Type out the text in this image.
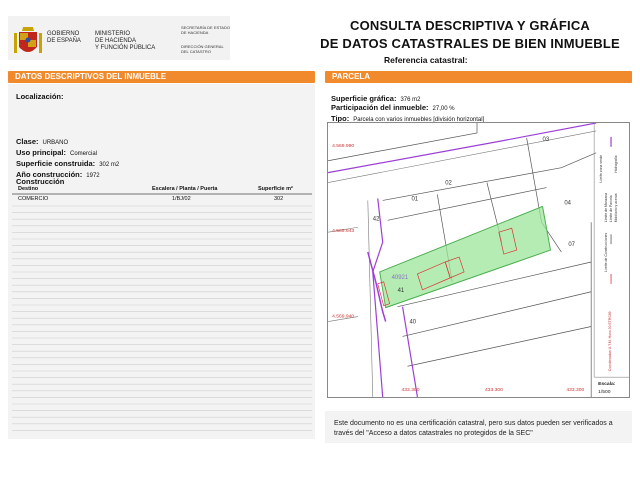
GOBIERNO
DE ESPAÑA
MINISTERIO
DE HACIENDA
Y FUNCIÓN PÚBLICA
SECRETARÍA DE ESTADO
DE HACIENDA
DIRECCIÓN GENERAL
DEL CATASTRO
CONSULTA DESCRIPTIVA Y GRÁFICA
DE DATOS CATASTRALES DE BIEN INMUEBLE
Referencia catastral:
DATOS DESCRIPTIVOS DEL INMUEBLE	PARCELA
Localización:
Clase: URBANO
Uso principal: Comercial
Superficie construida: 302 m2
Año construcción: 1972
Construcción
Destino	Escalera / Planta / Puerta	Superficie m²
COMERCIO	1/BJ/02	302
Superficie gráfica: 376 m2
Participación del inmueble: 27,00 %
Tipo: Parcela con varios inmuebles [división horizontal]
4.569.990
4.569.943
4.569.940
433.300	433.300	433.300
03
02
01
04
07
42
41
40
40921
Límite de Manzana Límite de Parcela
Límite de Construcciones
Mobiliario y aceras
Límite zona verde	Hidrografía
Coordenadas U.T.M. Huso 30 ETRS89
Escala:
1/500

Este documento no es una certificación catastral, pero sus datos pueden ser verificados a través del "Acceso a datos catastrales no protegidos de la SEC"
